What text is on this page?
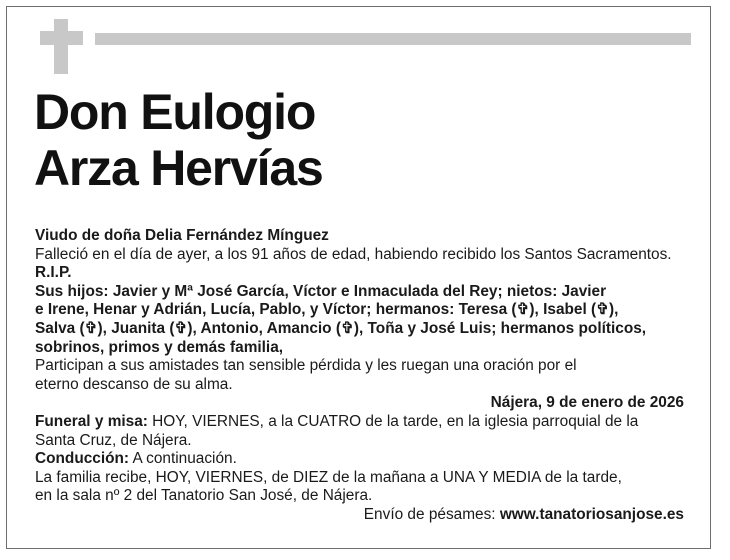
Don Eulogio
Arza Hervías

Viudo de doña Delia Fernández Mínguez

Falleció en el día de ayer, a los 91 años de edad, habiendo recibido los Santos Sacramentos.

R.I.P.

Sus hijos: Javier y Mª José García, Víctor e Inmaculada del Rey; nietos: Javier

e Irene, Henar y Adrián, Lucía, Pablo, y Víctor; hermanos: Teresa (✞), Isabel (✞),

Salva (✞), Juanita (✞), Antonio, Amancio (✞), Toña y José Luis; hermanos políticos,

sobrinos, primos y demás familia,

Participan a sus amistades tan sensible pérdida y les ruegan una oración por el

eterno descanso de su alma.

Nájera, 9 de enero de 2026

Funeral y misa: HOY, VIERNES, a la CUATRO de la tarde, en la iglesia parroquial de la

Santa Cruz, de Nájera.

Conducción: A continuación.

La familia recibe, HOY, VIERNES, de DIEZ de la mañana a UNA Y MEDIA de la tarde,

en la sala nº 2 del Tanatorio San José, de Nájera.

Envío de pésames: www.tanatoriosanjose.es
